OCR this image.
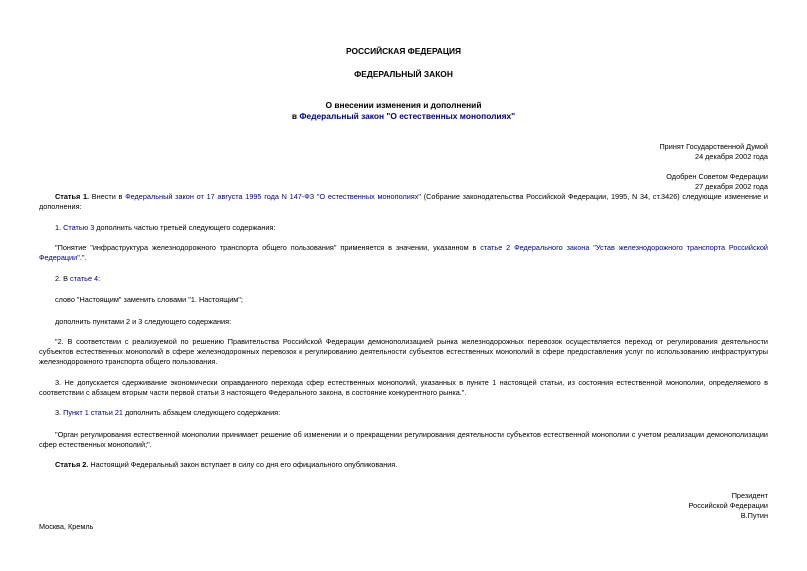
РОССИЙСКАЯ ФЕДЕРАЦИЯ
ФЕДЕРАЛЬНЫЙ ЗАКОН
О внесении изменения и дополнений
в Федеральный закон "О естественных монополиях"
Принят Государственной Думой
24 декабря 2002 года
Одобрен Советом Федерации
27 декабря 2002 года
Статья 1. Внести в Федеральный закон от 17 августа 1995 года N 147-ФЗ "О естественных монополиях" (Собрание законодательства Российской Федерации, 1995, N 34, ст.3426) следующие изменение и дополнения:
1. Статью 3 дополнить частью третьей следующего содержания:
"Понятие "инфраструктура железнодорожного транспорта общего пользования" применяется в значении, указанном в статье 2 Федерального закона "Устав железнодорожного транспорта Российской Федерации".".
2. В статье 4:
слово "Настоящим" заменить словами "1. Настоящим";
дополнить пунктами 2 и 3 следующего содержания:
"2. В соответствии с реализуемой по решению Правительства Российской Федерации демонополизацией рынка железнодорожных перевозок осуществляется переход от регулирования деятельности субъектов естественных монополий в сфере железнодорожных перевозок к регулированию деятельности субъектов естественных монополий в сфере предоставления услуг по использованию инфраструктуры железнодорожного транспорта общего пользования.
3. Не допускается сдерживание экономически оправданного перехода сфер естественных монополий, указанных в пункте 1 настоящей статьи, из состояния естественной монополии, определяемого в соответствии с абзацем вторым части первой статьи 3 настоящего Федерального закона, в состояние конкурентного рынка.".
3. Пункт 1 статьи 21 дополнить абзацем следующего содержания:
"Орган регулирования естественной монополии принимает решение об изменении и о прекращении регулирования деятельности субъектов естественной монополии с учетом реализации демонополизации сфер естественных монополий;".
Статья 2. Настоящий Федеральный закон вступает в силу со дня его официального опубликования.
Президент
Российской Федерации
В.Путин
Москва, Кремль
